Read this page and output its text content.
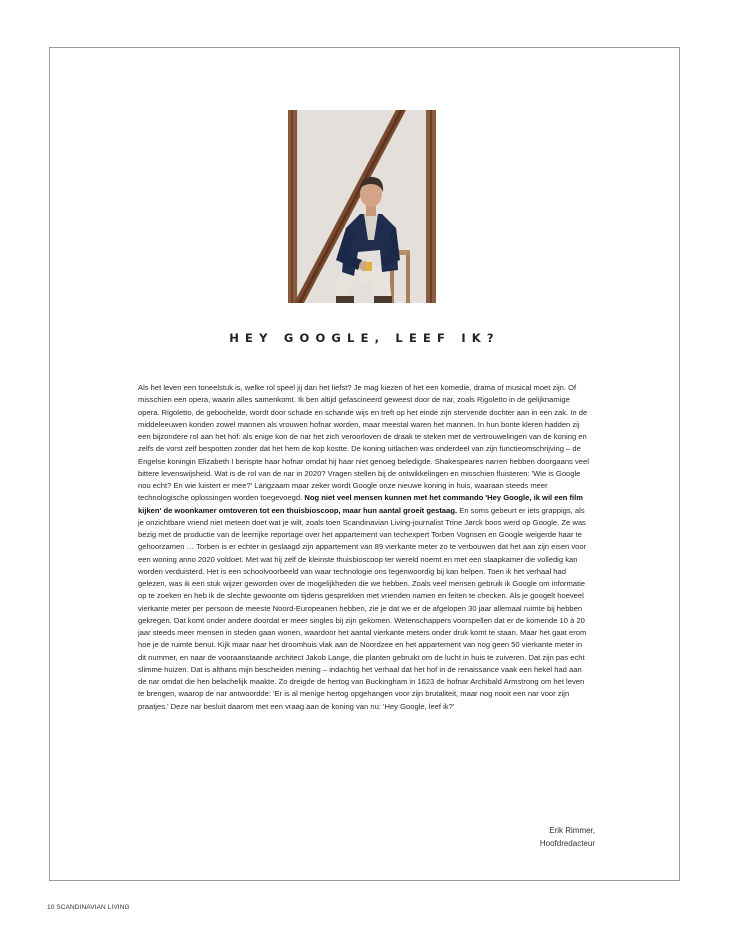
HEY GOOGLE, LEEF IK?

Als het leven een toneelstuk is, welke rol speel jij dan het liefst? Je mag kiezen of het een komedie, drama of musical moet zijn. Of misschien een opera, waarin alles samenkomt. Ik ben altijd gefascineerd geweest door de nar, zoals Rigoletto in de gelijknamige opera. Rigoletto, de gebochelde, wordt door schade en schande wijs en treft op het einde zijn stervende dochter aan in een zak. In de middeleeuwen konden zowel mannen als vrouwen hofnar worden, maar meestal waren het mannen. In hun bonte kleren hadden zij een bijzondere rol aan het hof: als enige kon de nar het zich veroorloven de draak te steken met de vertrouwelingen van de koning en zelfs de vorst zelf bespotten zonder dat het hem de kop kostte. De koning uitlachen was onderdeel van zijn functieomschrijving – de Engelse koningin Elizabeth I berispte haar hofnar omdat hij haar niet genoeg beledigde. Shakespeares narren hebben doorgaans veel bittere levenswijsheid. Wat is de rol van de nar in 2020? Vragen stellen bij de ontwikkelingen en misschien fluisteren: 'Wie is Google nou echt? En wie luistert er mee?' Langzaam maar zeker wordt Google onze nieuwe koning in huis, waaraan steeds meer technologische oplossingen worden toegevoegd. Nog niet veel mensen kunnen met het commando 'Hey Google, ik wil een film kijken' de woonkamer omtoveren tot een thuisbioscoop, maar hun aantal groeit gestaag. En soms gebeurt er iets grappigs, als je onzichtbare vriend niet meteen doet wat je wilt, zoals toen Scandinavian Living-journalist Trine Jørck boos werd op Google. Ze was bezig met de productie van de leerrijke reportage over het appartement van techexpert Torben Vognsen en Google weigerde haar te gehoorzamen … Torben is er echter in geslaagd zijn appartement van 89 vierkante meter zo te verbouwen dat het aan zijn eisen voor een woning anno 2020 voldoet. Met wat hij zelf de kleinste thuisbioscoop ter wereld noemt en met een slaapkamer die volledig kan worden verduisterd. Het is een schoolvoorbeeld van waar technologie ons tegenwoordig bij kan helpen. Toen ik het verhaal had gelezen, was ik een stuk wijzer geworden over de mogelijkheden die we hebben. Zoals veel mensen gebruik ik Google om informatie op te zoeken en heb ik de slechte gewoonte om tijdens gesprekken met vrienden namen en feiten te checken. Als je googelt hoeveel vierkante meter per persoon de meeste Noord-Europeanen hebben, zie je dat we er de afgelopen 30 jaar allemaal ruimte bij hebben gekregen. Dat komt onder andere doordat er meer singles bij zijn gekomen. Wetenschappers voorspellen dat er de komende 10 à 20 jaar steeds meer mensen in steden gaan wonen, waardoor het aantal vierkante meters onder druk komt te staan. Maar het gaat erom hoe je de ruimte benut. Kijk maar naar het droomhuis vlak aan de Noordzee en het appartement van nog geen 50 vierkante meter in dit nummer, en naar de vooraanstaande architect Jakob Lange, die planten gebruikt om de lucht in huis te zuiveren. Dat zijn pas echt slimme huizen. Dat is althans mijn bescheiden mening – indachtig het verhaal dat het hof in de renaissance vaak een hekel had aan de nar omdat die hen belachelijk maakte. Zo dreigde de hertog van Buckingham in 1623 de hofnar Archibald Armstrong om het leven te brengen, waarop de nar antwoordde: 'Er is al menige hertog opgehangen voor zijn brutaliteit, maar nog nooit een nar voor zijn praatjes.' Deze nar besluit daarom met een vraag aan de koning van nu: 'Hey Google, leef ik?'

Erik Rimmer,
Hoofdredacteur
10 SCANDINAVIAN LIVING
